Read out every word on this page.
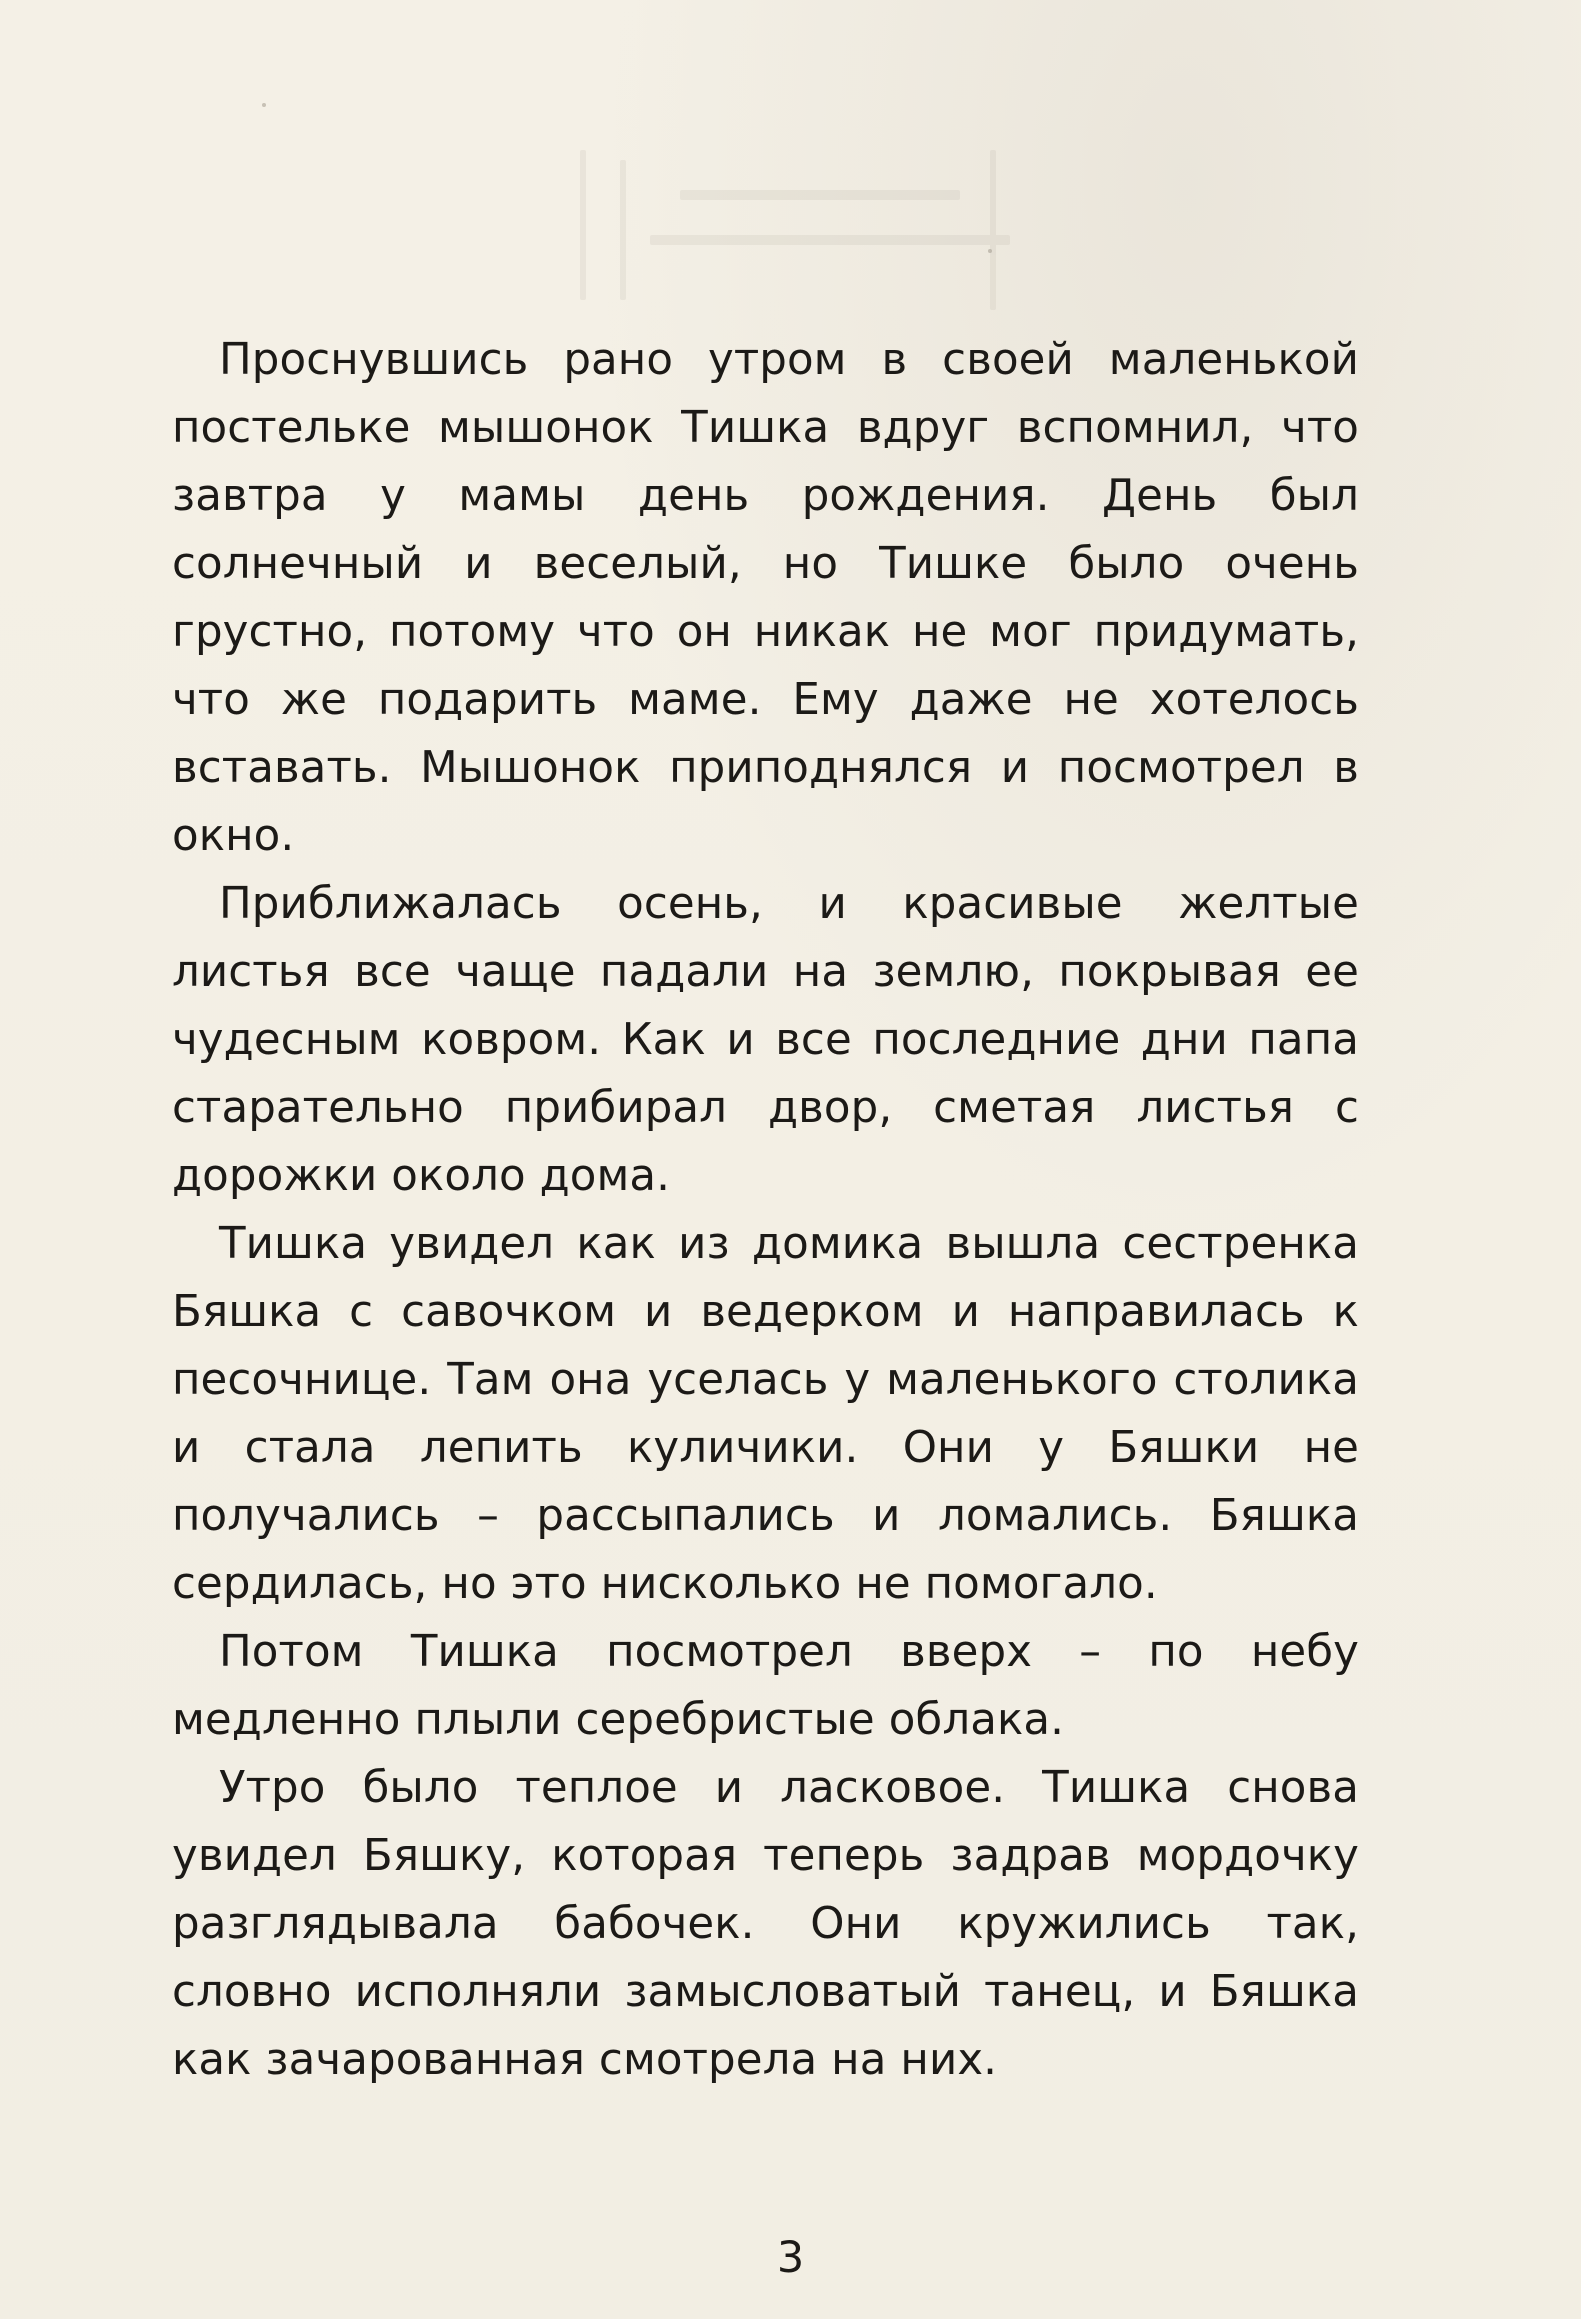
Проснувшись рано утром в своей маленькой постельке мышонок Тишка вдруг вспомнил, что завтра у мамы день рождения. День был солнечный и веселый, но Тишке было очень грустно, потому что он никак не мог придумать, что же подарить маме. Ему даже не хотелось вставать. Мышонок приподнялся и посмотрел в окно.

Приближалась осень, и красивые желтые листья все чаще падали на землю, покрывая ее чудесным ковром. Как и все последние дни папа старательно прибирал двор, сметая листья с дорожки около дома.

Тишка увидел как из домика вышла сестренка Бяшка с савочком и ведерком и направилась к песочнице. Там она уселась у маленького столика и стала лепить куличики. Они у Бяшки не получались – рассыпались и ломались. Бяшка сердилась, но это нисколько не помогало.

Потом Тишка посмотрел вверх – по небу медленно плыли серебристые облака.

Утро было теплое и ласковое. Тишка снова увидел Бяшку, которая теперь задрав мордочку разглядывала бабочек. Они кружились так, словно исполняли замысловатый танец, и Бяшка как зачарованная смотрела на них.

3
